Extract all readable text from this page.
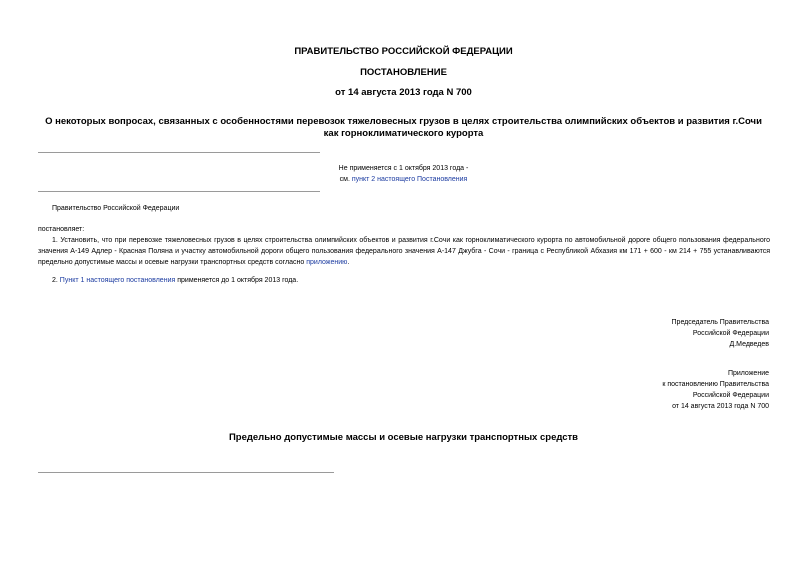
ПРАВИТЕЛЬСТВО РОССИЙСКОЙ ФЕДЕРАЦИИ
ПОСТАНОВЛЕНИЕ
от 14 августа 2013 года N 700
О некоторых вопросах, связанных с особенностями перевозок тяжеловесных грузов в целях строительства олимпийских объектов и развития г.Сочи как горноклиматического курорта
Не применяется с 1 октября 2013 года -
см. пункт 2 настоящего Постановления
Правительство Российской Федерации
постановляет:
1. Установить, что при перевозке тяжеловесных грузов в целях строительства олимпийских объектов и развития г.Сочи как горноклиматического курорта по автомобильной дороге общего пользования федерального значения А-149 Адлер - Красная Поляна и участку автомобильной дороги общего пользования федерального значения А-147 Джубга - Сочи - граница с Республикой Абхазия км 171 + 600 - км 214 + 755 устанавливаются предельно допустимые массы и осевые нагрузки транспортных средств согласно приложению.
2. Пункт 1 настоящего постановления применяется до 1 октября 2013 года.
Председатель Правительства
Российской Федерации
Д.Медведев
Приложение
к постановлению Правительства
Российской Федерации
от 14 августа 2013 года N 700
Предельно допустимые массы и осевые нагрузки транспортных средств
